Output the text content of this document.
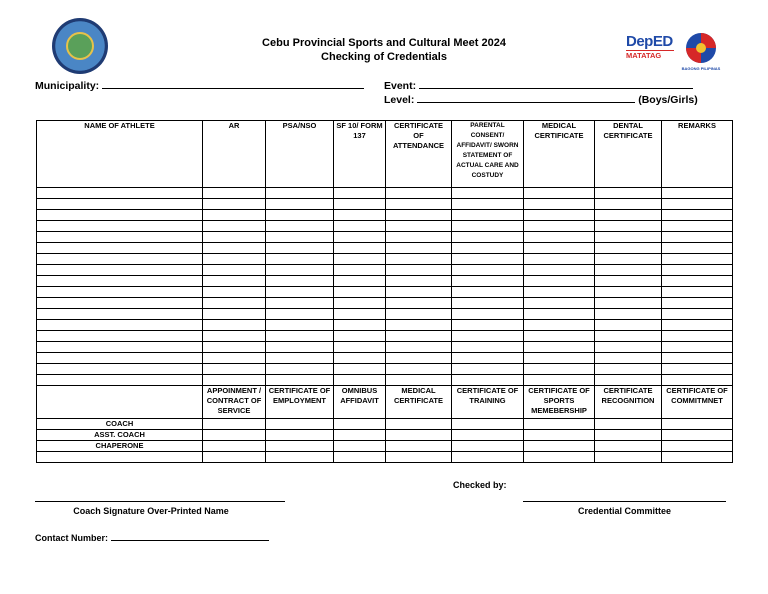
Cebu Provincial Sports and Cultural Meet 2024
Checking of Credentials
DepED
MATATAG
BAGONG PILIPINAS
Municipality:	Event:
Level:	(Boys/Girls)
NAME OF ATHLETE	AR	PSA/NSO	SF 10/ FORM 137	CERTIFICATE OF ATTENDANCE	PARENTAL CONSENT/ AFFIDAVIT/ SWORN STATEMENT OF ACTUAL CARE AND COSTUDY	MEDICAL CERTIFICATE	DENTAL CERTIFICATE	REMARKS

	APPOINMENT / CONTRACT OF SERVICE	CERTIFICATE OF EMPLOYMENT	OMNIBUS AFFIDAVIT	MEDICAL CERTIFICATE	CERTIFICATE OF TRAINING	CERTIFICATE OF SPORTS MEMEBERSHIP	CERTIFICATE RECOGNITION	CERTIFICATE OF COMMITMNET
COACH								
ASST. COACH								
CHAPERONE								

Checked by:
Coach Signature Over-Printed Name	Credential Committee
Contact Number:
